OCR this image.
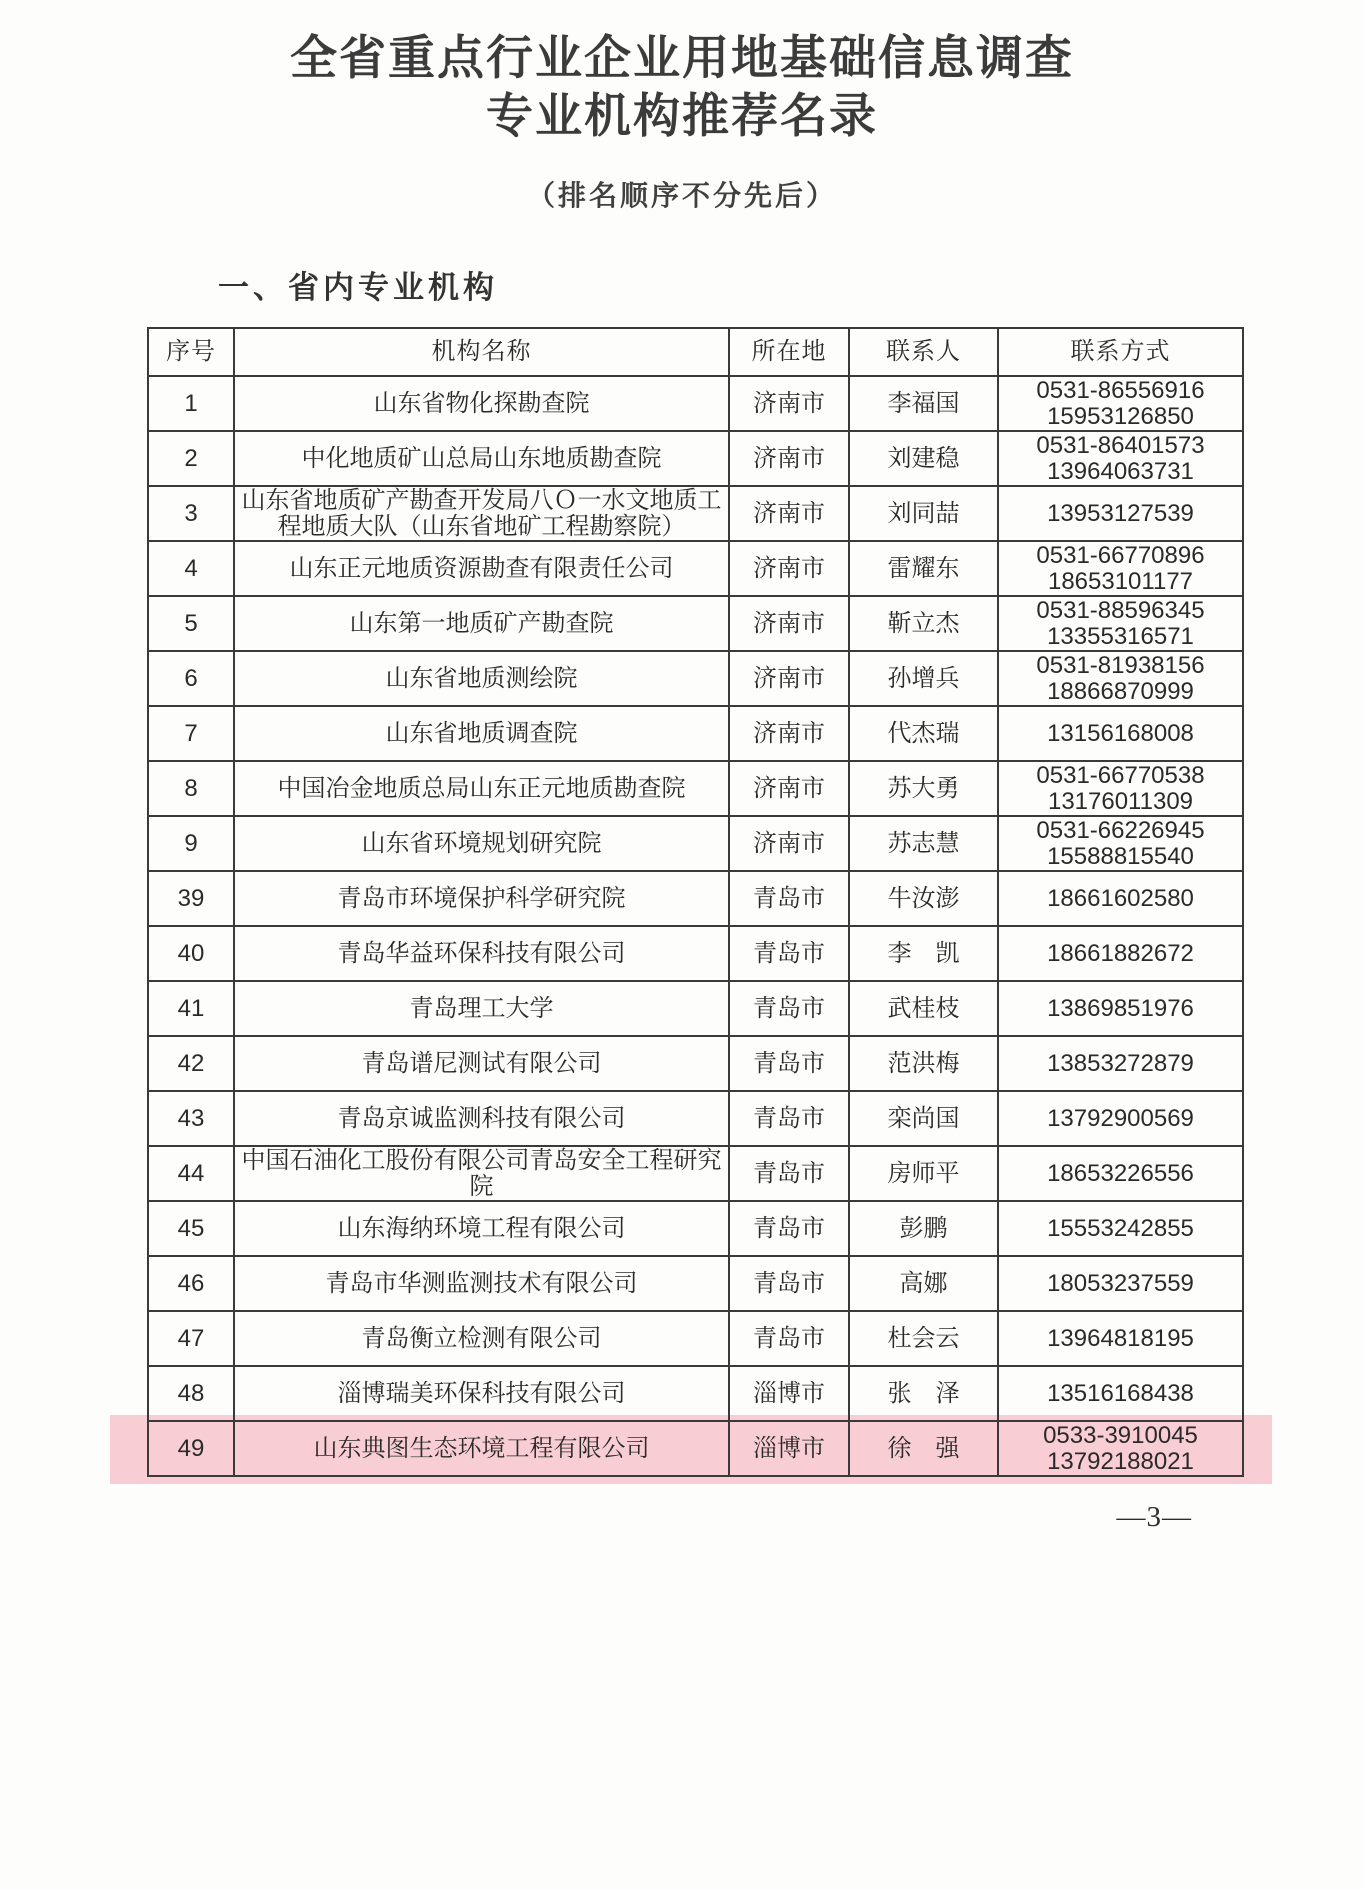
全省重点行业企业用地基础信息调查
专业机构推荐名录
（排名顺序不分先后）
一、省内专业机构
序号	机构名称	所在地	联系人	联系方式
1	山东省物化探勘查院	济南市	李福国	0531-86556916
15953126850

2	中化地质矿山总局山东地质勘查院	济南市	刘建稳	0531-86401573
13964063731

3	山东省地质矿产勘查开发局八Ｏ一水文地质工程地质大队（山东省地矿工程勘察院）	济南市	刘同喆	13953127539

4	山东正元地质资源勘查有限责任公司	济南市	雷耀东	0531-66770896
18653101177

5	山东第一地质矿产勘查院	济南市	靳立杰	0531-88596345
13355316571

6	山东省地质测绘院	济南市	孙增兵	0531-81938156
18866870999

7	山东省地质调查院	济南市	代杰瑞	13156168008

8	中国冶金地质总局山东正元地质勘查院	济南市	苏大勇	0531-66770538
13176011309

9	山东省环境规划研究院	济南市	苏志慧	0531-66226945
15588815540

39	青岛市环境保护科学研究院	青岛市	牛汝澎	18661602580

40	青岛华益环保科技有限公司	青岛市	李　凯	18661882672

41	青岛理工大学	青岛市	武桂枝	13869851976

42	青岛谱尼测试有限公司	青岛市	范洪梅	13853272879

43	青岛京诚监测科技有限公司	青岛市	栾尚国	13792900569

44	中国石油化工股份有限公司青岛安全工程研究院	青岛市	房师平	18653226556

45	山东海纳环境工程有限公司	青岛市	彭鹏	15553242855

46	青岛市华测监测技术有限公司	青岛市	高娜	18053237559

47	青岛衡立检测有限公司	青岛市	杜会云	13964818195

48	淄博瑞美环保科技有限公司	淄博市	张　泽	13516168438

49	山东典图生态环境工程有限公司	淄博市	徐　强	0533-3910045
13792188021
—3—
